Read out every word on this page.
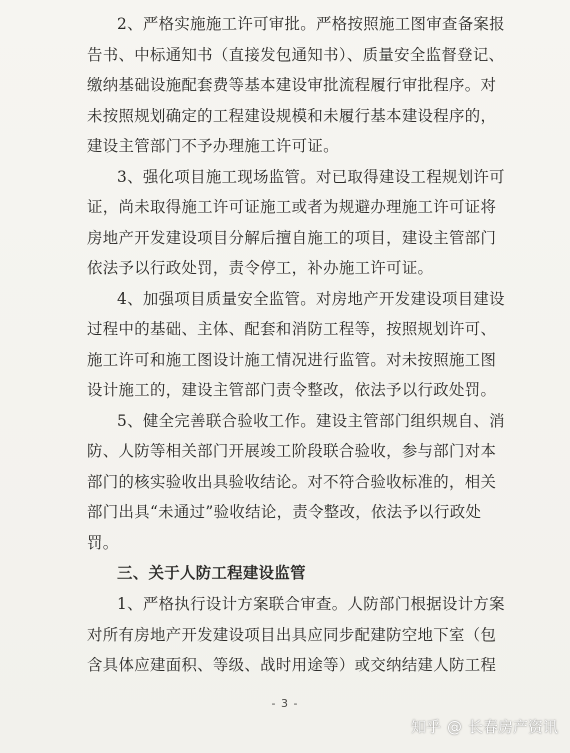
2、严格实施施工许可审批。严格按照施工图审查备案报

告书、中标通知书（直接发包通知书）、质量安全监督登记、

缴纳基础设施配套费等基本建设审批流程履行审批程序。对

未按照规划确定的工程建设规模和未履行基本建设程序的，

建设主管部门不予办理施工许可证。

3、强化项目施工现场监管。对已取得建设工程规划许可

证，尚未取得施工许可证施工或者为规避办理施工许可证将

房地产开发建设项目分解后擅自施工的项目，建设主管部门

依法予以行政处罚，责令停工，补办施工许可证。

4、加强项目质量安全监管。对房地产开发建设项目建设

过程中的基础、主体、配套和消防工程等，按照规划许可、

施工许可和施工图设计施工情况进行监管。对未按照施工图

设计施工的，建设主管部门责令整改，依法予以行政处罚。

5、健全完善联合验收工作。建设主管部门组织规自、消

防、人防等相关部门开展竣工阶段联合验收，参与部门对本

部门的核实验收出具验收结论。对不符合验收标准的，相关

部门出具“未通过”验收结论，责令整改，依法予以行政处

罚。

三、关于人防工程建设监管

1、严格执行设计方案联合审查。人防部门根据设计方案

对所有房地产开发建设项目出具应同步配建防空地下室（包

含具体应建面积、等级、战时用途等）或交纳结建人防工程

- 3 -
知乎 @ 长春房产资讯
